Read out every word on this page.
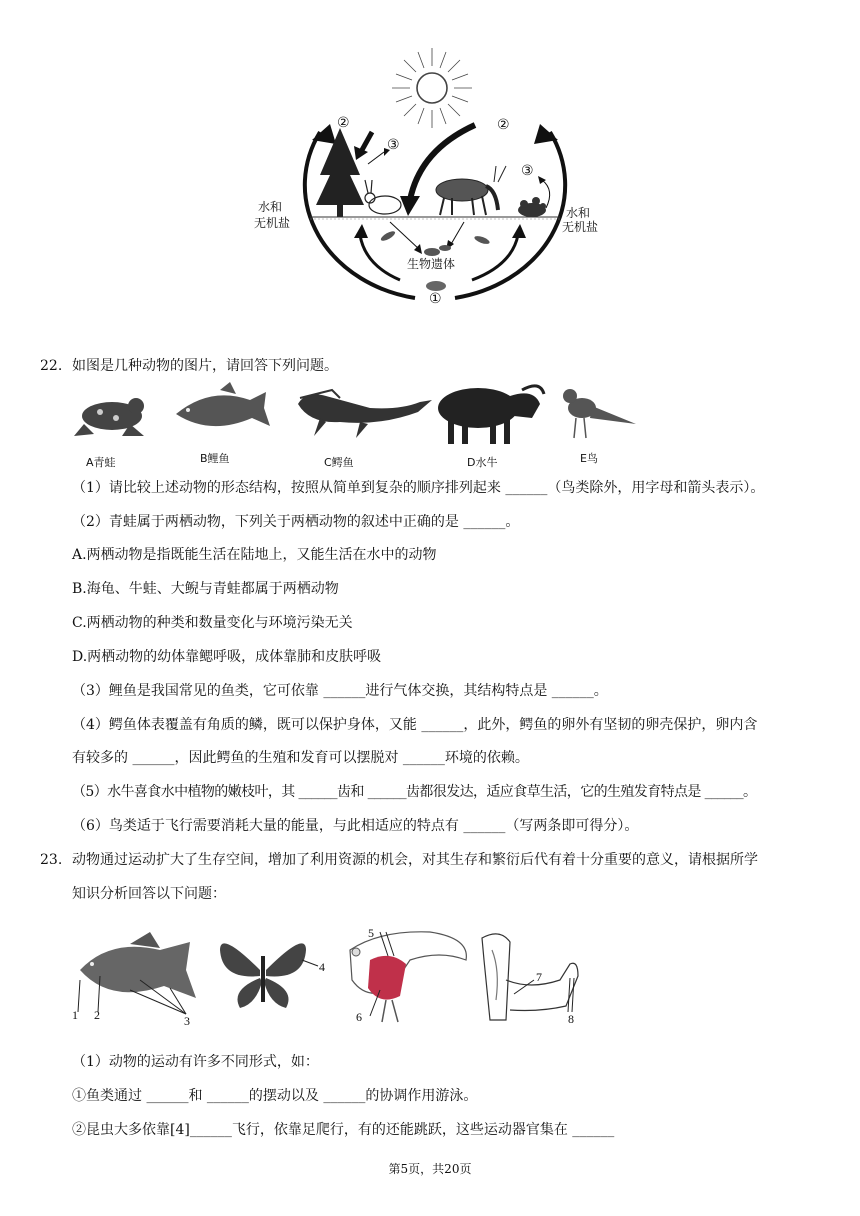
水和
无机盐
水和
无机盐
生物遗体
①
②	②
③
③
22. 如图是几种动物的图片，请回答下列问题。
A青蛙	B鲤鱼	C鳄鱼	D水牛	E鸟
（1）请比较上述动物的形态结构，按照从简单到复杂的顺序排列起来 ______（鸟类除外，用字母和箭头表示）。
（2）青蛙属于两栖动物，下列关于两栖动物的叙述中正确的是 ______。
A.两栖动物是指既能生活在陆地上，又能生活在水中的动物
B.海龟、牛蛙、大鲵与青蛙都属于两栖动物
C.两栖动物的种类和数量变化与环境污染无关
D.两栖动物的幼体靠鳃呼吸，成体靠肺和皮肤呼吸
（3）鲤鱼是我国常见的鱼类，它可依靠 ______进行气体交换，其结构特点是 ______。
（4）鳄鱼体表覆盖有角质的鳞，既可以保护身体，又能 ______，此外，鳄鱼的卵外有坚韧的卵壳保护，卵内含
有较多的 ______，因此鳄鱼的生殖和发育可以摆脱对 ______环境的依赖。
（5）水牛喜食水中植物的嫩枝叶，其 ______齿和 ______齿都很发达，适应食草生活，它的生殖发育特点是 ______。
（6）鸟类适于飞行需要消耗大量的能量，与此相适应的特点有 ______（写两条即可得分）。
23. 动物通过运动扩大了生存空间，增加了利用资源的机会，对其生存和繁衍后代有着十分重要的意义，请根据所学
知识分析回答以下问题：
1 2	3
4
5
6
7
8
（1）动物的运动有许多不同形式，如：
①鱼类通过 ______和 ______的摆动以及 ______的协调作用游泳。
②昆虫大多依靠[4]______飞行，依靠足爬行，有的还能跳跃，这些运动器官集在 ______
第5页，共20页
